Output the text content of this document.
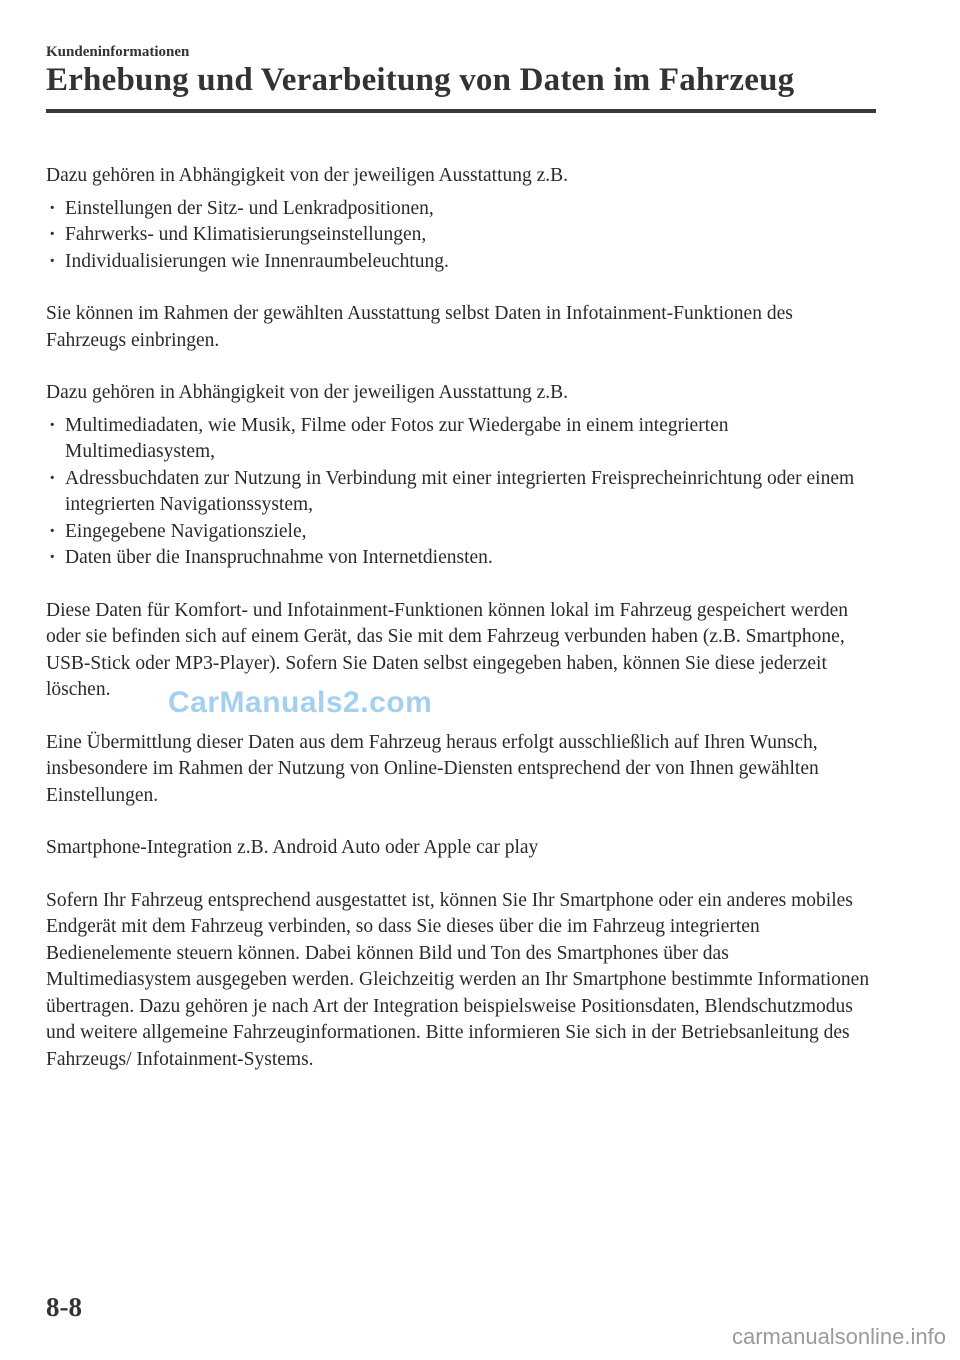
Kundeninformationen
Erhebung und Verarbeitung von Daten im Fahrzeug

Dazu gehören in Abhängigkeit von der jeweiligen Ausstattung z.B.

· Einstellungen der Sitz- und Lenkradpositionen,
· Fahrwerks- und Klimatisierungseinstellungen,
· Individualisierungen wie Innenraumbeleuchtung.

Sie können im Rahmen der gewählten Ausstattung selbst Daten in Infotainment-Funktionen des Fahrzeugs einbringen.

Dazu gehören in Abhängigkeit von der jeweiligen Ausstattung z.B.

· Multimediadaten, wie Musik, Filme oder Fotos zur Wiedergabe in einem integrierten Multimediasystem,
· Adressbuchdaten zur Nutzung in Verbindung mit einer integrierten Freisprecheinrichtung oder einem integrierten Navigationssystem,
· Eingegebene Navigationsziele,
· Daten über die Inanspruchnahme von Internetdiensten.

Diese Daten für Komfort- und Infotainment-Funktionen können lokal im Fahrzeug gespeichert werden oder sie befinden sich auf einem Gerät, das Sie mit dem Fahrzeug verbunden haben (z.B. Smartphone, USB-Stick oder MP3-Player). Sofern Sie Daten selbst eingegeben haben, können Sie diese jederzeit löschen.

Eine Übermittlung dieser Daten aus dem Fahrzeug heraus erfolgt ausschließlich auf Ihren Wunsch, insbesondere im Rahmen der Nutzung von Online-Diensten entsprechend der von Ihnen gewählten Einstellungen.

Smartphone-Integration z.B. Android Auto oder Apple car play

Sofern Ihr Fahrzeug entsprechend ausgestattet ist, können Sie Ihr Smartphone oder ein anderes mobiles Endgerät mit dem Fahrzeug verbinden, so dass Sie dieses über die im Fahrzeug integrierten Bedienelemente steuern können. Dabei können Bild und Ton des Smartphones über das Multimediasystem ausgegeben werden. Gleichzeitig werden an Ihr Smartphone bestimmte Informationen übertragen. Dazu gehören je nach Art der Integration beispielsweise Positionsdaten, Blendschutzmodus und weitere allgemeine Fahrzeuginformationen. Bitte informieren Sie sich in der Betriebsanleitung des Fahrzeugs/ Infotainment-Systems.

CarManuals2.com
8-8
carmanualsonline.info
